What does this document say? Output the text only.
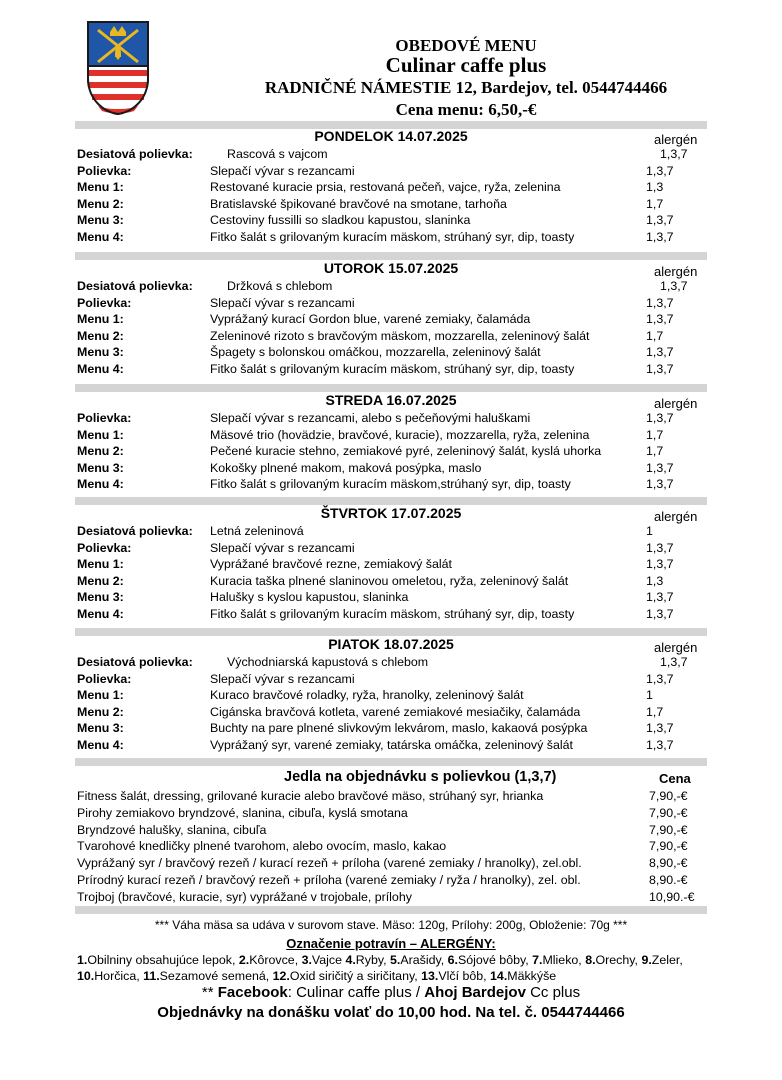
OBEDOVÉ MENU
Culinar caffe plus
RADNIČNÉ NÁMESTIE 12, Bardejov, tel. 0544744466
Cena menu: 6,50,-€
PONDELOK 14.07.2025	alergén
Desiatová polievka:	Rascová s vajcom	1,3,7
Polievka:	Slepačí vývar s rezancami	1,3,7
Menu 1:	Restované kuracie prsia, restovaná pečeň, vajce, ryža, zelenina	1,3
Menu 2:	Bratislavské špikované bravčové na smotane, tarhoňa	1,7
Menu 3:	Cestoviny fussilli so sladkou kapustou, slaninka	1,3,7
Menu 4:	Fitko šalát s grilovaným kuracím mäskom, strúhaný syr, dip, toasty	1,3,7
UTOROK 15.07.2025	alergén
Desiatová polievka:	Držková s chlebom	1,3,7
Polievka:	Slepačí vývar s rezancami	1,3,7
Menu 1:	Vyprážaný kurací Gordon blue, varené zemiaky, čalamáda	1,3,7
Menu 2:	Zeleninové rizoto s bravčovým mäskom, mozzarella, zeleninový šalát	1,7
Menu 3:	Špagety s bolonskou omáčkou, mozzarella, zeleninový šalát	1,3,7
Menu 4:	Fitko šalát s grilovaným kuracím mäskom, strúhaný syr, dip, toasty	1,3,7
STREDA 16.07.2025	alergén
Polievka:	Slepačí vývar s rezancami, alebo s pečeňovými haluškami	1,3,7
Menu 1:	Mäsové trio (hovädzie, bravčové, kuracie), mozzarella, ryža, zelenina	1,7
Menu 2:	Pečené kuracie stehno, zemiakové pyré, zeleninový šalát, kyslá uhorka	1,7
Menu 3:	Kokošky plnené makom, maková posýpka, maslo	1,3,7
Menu 4:	Fitko šalát s grilovaným kuracím mäskom,strúhaný syr, dip, toasty	1,3,7
ŠTVRTOK 17.07.2025	alergén
Desiatová polievka: Letná zeleninová	1
Polievka:	Slepačí vývar s rezancami	1,3,7
Menu 1:	Vyprážané bravčové rezne, zemiakový šalát	1,3,7
Menu 2:	Kuracia taška plnené slaninovou omeletou, ryža, zeleninový šalát	1,3
Menu 3:	Halušky s kyslou kapustou, slaninka	1,3,7
Menu 4:	Fitko šalát s grilovaným kuracím mäskom, strúhaný syr, dip, toasty	1,3,7
PIATOK 18.07.2025	alergén
Desiatová polievka:	Východniarská kapustová s chlebom	1,3,7
Polievka:	Slepačí vývar s rezancami	1,3,7
Menu 1:	Kuraco bravčové roladky, ryža, hranolky, zeleninový šalát	1
Menu 2:	Cigánska bravčová kotleta, varené zemiakové mesiačiky, čalamáda	1,7
Menu 3:	Buchty na pare plnené slivkovým lekvárom, maslo, kakaová posýpka	1,3,7
Menu 4:	Vyprážaný syr, varené zemiaky, tatárska omáčka, zeleninový šalát	1,3,7
Jedla na objednávku s polievkou (1,3,7)	Cena
Fitness šalát, dressing, grilované kuracie alebo bravčové mäso, strúhaný syr, hrianka	7,90,-€
Pirohy zemiakovo bryndzové, slanina, cibuľa, kyslá smotana	7,90,-€
Bryndzové halušky, slanina, cibuľa	7,90,-€
Tvarohové knedličky plnené tvarohom, alebo ovocím, maslo, kakao	7,90,-€
Vyprážaný syr / bravčový rezeň / kurací rezeň + príloha (varené zemiaky / hranolky), zel.obl.	8,90,-€
Prírodný kurací rezeň / bravčový rezeň + príloha (varené zemiaky / ryža / hranolky), zel. obl.	8,90.-€
Trojboj (bravčové, kuracie, syr) vyprážané v trojobale, prílohy	10,90.-€
*** Váha mäsa sa udáva v surovom stave. Mäso: 120g, Prílohy: 200g, Obloženie: 70g ***
Označenie potravín – ALERGÉNY:
1.Obilniny obsahujúce lepok, 2.Kôrovce, 3.Vajce 4.Ryby, 5.Arašidy, 6.Sójové bôby, 7.Mlieko, 8.Orechy, 9.Zeler, 10.Horčica, 11.Sezamové semená, 12.Oxid siričitý a siričitany, 13.Vlčí bôb, 14.Mäkkýše
** Facebook: Culinar caffe plus / Ahoj Bardejov Cc plus
Objednávky na donášku volať do 10,00 hod. Na tel. č. 0544744466
